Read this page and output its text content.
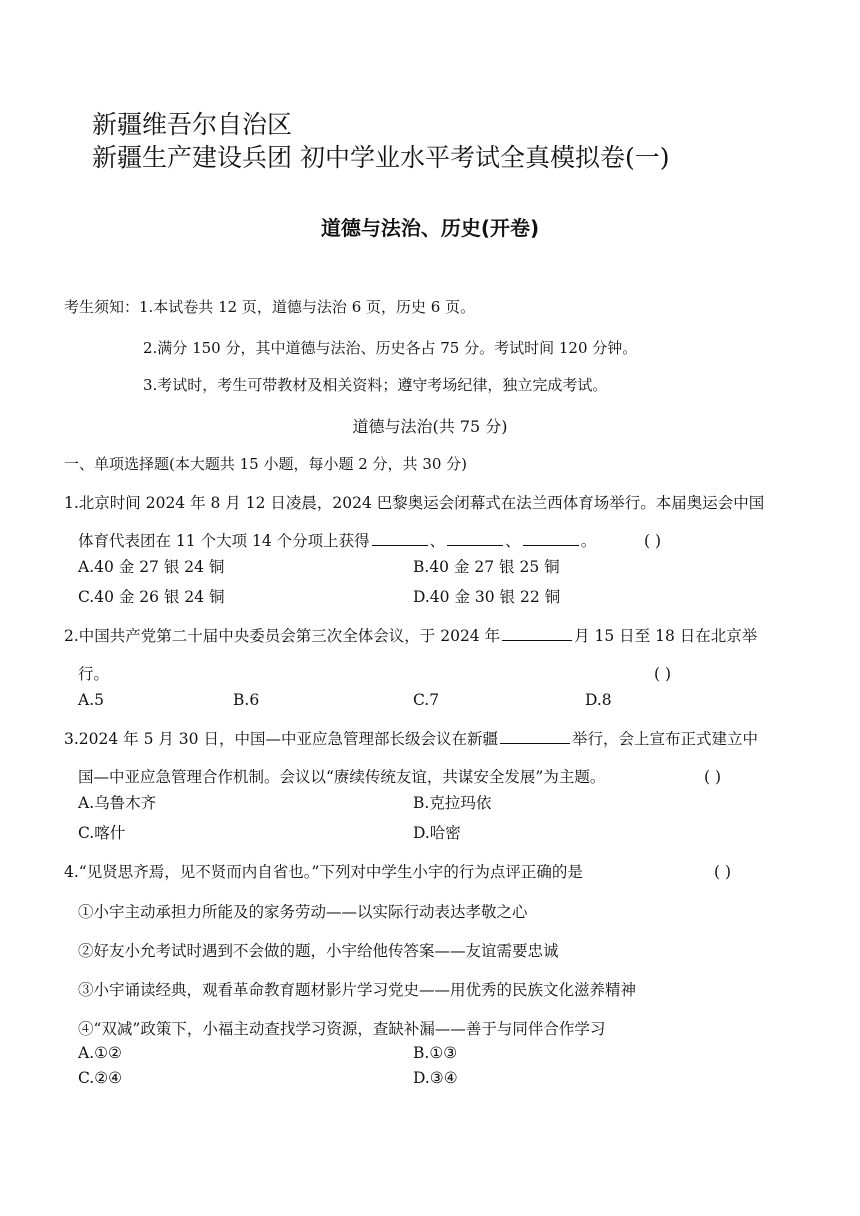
新疆维吾尔自治区
新疆生产建设兵团 初中学业水平考试全真模拟卷(一)
道德与法治、历史(开卷)
考生须知：1.本试卷共 12 页，道德与法治 6 页，历史 6 页。
2.满分 150 分，其中道德与法治、历史各占 75 分。考试时间 120 分钟。
3.考试时，考生可带教材及相关资料；遵守考场纪律，独立完成考试。
道德与法治(共 75 分)
一、单项选择题(本大题共 15 小题，每小题 2 分，共 30 分)
1.北京时间 2024 年 8 月 12 日凌晨，2024 巴黎奥运会闭幕式在法兰西体育场举行。本届奥运会中国
体育代表团在 11 个大项 14 个分项上获得	、	、	。	( )
A.40 金 27 银 24 铜	B.40 金 27 银 25 铜
C.40 金 26 银 24 铜	D.40 金 30 银 22 铜
2.中国共产党第二十届中央委员会第三次全体会议，于 2024 年	月 15 日至 18 日在北京举
行。	( )
A.5	B.6	C.7	D.8
3.2024 年 5 月 30 日，中国—中亚应急管理部长级会议在新疆	举行，会上宣布正式建立中
国—中亚应急管理合作机制。会议以“赓续传统友谊，共谋安全发展”为主题。	( )
A.乌鲁木齐	B.克拉玛依
C.喀什	D.哈密
4.“见贤思齐焉，见不贤而内自省也。”下列对中学生小宇的行为点评正确的是	( )
①小宇主动承担力所能及的家务劳动——以实际行动表达孝敬之心
②好友小允考试时遇到不会做的题，小宇给他传答案——友谊需要忠诚
③小宇诵读经典，观看革命教育题材影片学习党史——用优秀的民族文化滋养精神
④“双减”政策下，小福主动查找学习资源，查缺补漏——善于与同伴合作学习
A.①②	B.①③
C.②④	D.③④
